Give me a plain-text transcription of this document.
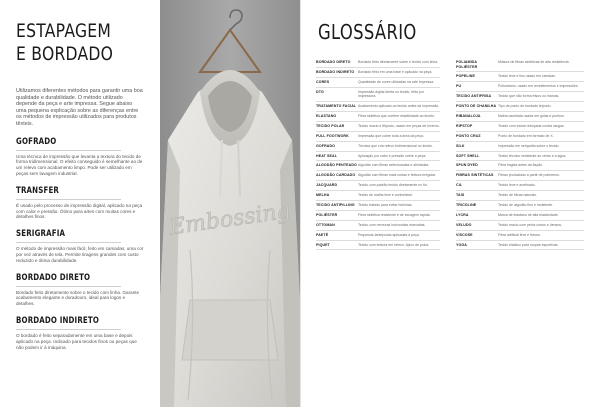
ESTAPAGEM
E BORDADO

Utilizamos diferentes métodos para garantir uma boa qualidade e durabilidade. O método utilizado depende da peça e arte impressa. Segue abaixo uma pequena explicação sobre as diferenças entre os métodos de impressão utilizados para produtos têxteis.

GOFRADO

Uma técnica de impressão que levanta a textura do tecido de forma tridimensional. O efeito conseguido é semelhante ao de um relevo com acabamento limpo. Pode ser utilizado em peças sem lavagem industrial.

TRANSFER

É usado pelo processo de impressão digital, aplicado na peça com calor e pressão. Ótimo para artes com muitas cores e detalhes finos.

SERIGRAFIA

O método de impressão mais fácil, feito em camadas, uma cor por vez através de tela. Permite tiragens grandes com custo reduzido e ótima durabilidade.

BORDADO DIRETO

Bordado feito diretamente sobre o tecido com linha. Garante acabamento elegante e duradouro, ideal para logos e detalhes.

BORDADO INDIRETO

O bordado é feito separadamente em uma base e depois aplicado na peça. Indicado para tecidos finos ou peças que não podem ir à máquina.

Embossing
GLOSSÁRIO
BORDADO DIRETO	Bordado feito diretamente sobre o tecido com linha.
BORDADO INDIRETO	Bordado feito em uma base e aplicado na peça.
CORES	Quantidade de cores utilizadas na arte impressa.
DTG	Impressão digital direta no tecido, feita por impressora.
TRATAMENTO FACIAL Acabamento aplicado ao tecido antes da impressão.
ELASTANO	Fibra sintética que confere elasticidade ao tecido.
TECIDO POLAR	Tecido macio e felpudo, usado em peças de inverno.
FULL FOOTWORK	Impressão que cobre toda a área da peça.
GOFRADO	Técnica que cria relevo tridimensional no tecido.
HEAT SEAL	Aplicação por calor e pressão sobre a peça.
ALGODÃO PENTEADO Algodão com fibras selecionadas e alinhadas.
ALGODÃO CARDADO Algodão com fibras mais curtas e textura irregular.
JACQUARD	Tecido com padrão tecido diretamente no fio.
MELHA	Tecido de malha leve e confortável.
TECIDO ANTIPILLING Tecido tratado para evitar bolinhas.
POLIÉSTER	Fibra sintética resistente e de secagem rápida.
OTTOMAN	Tecido com nervuras horizontais marcadas.
PAETÊ	Pequenas lantejoulas aplicadas à peça.
PIQUET	Tecido com textura em relevo, típico de polos.
POLIAMIDA POLIÉSTER
Mistura de fibras sintéticas de alta resistência.
POPELINE	Tecido leve e liso usado em camisas.
PU	Poliuretano, usado em revestimentos e impressões.
TECIDO ANTIFRISA	Tecido que não forma frisos ou marcas.
PONTO DE CHANILHA Tipo de ponto de bordado felpudo.
RIBANALOJA	Malha canelada usada em golas e punhos.
RIPSTOP	Tecido com trama reforçada contra rasgos.
PONTO CRUZ	Ponto de bordado em formato de X.
SILK	Impressão em serigrafia sobre o tecido.
SOFT SHELL	Tecido técnico resistente ao vento e à água.
SPUN DYED	Fibra tingida antes da fiação.
FIBRAS SINTÉTICAS	Fibras produzidas a partir de polímeros.
CIL	Tecido leve e acetinado.
TAIS	Tecido de fibras naturais.
TRICOLINE	Tecido de algodão fino e resistente.
LYCRA	Marca de elastano de alta elasticidade.
VELUDO	Tecido macio com pelos curtos e densos.
VISCOSE	Fibra artificial leve e fresca.
YOGA	Tecido elástico para roupas esportivas.
